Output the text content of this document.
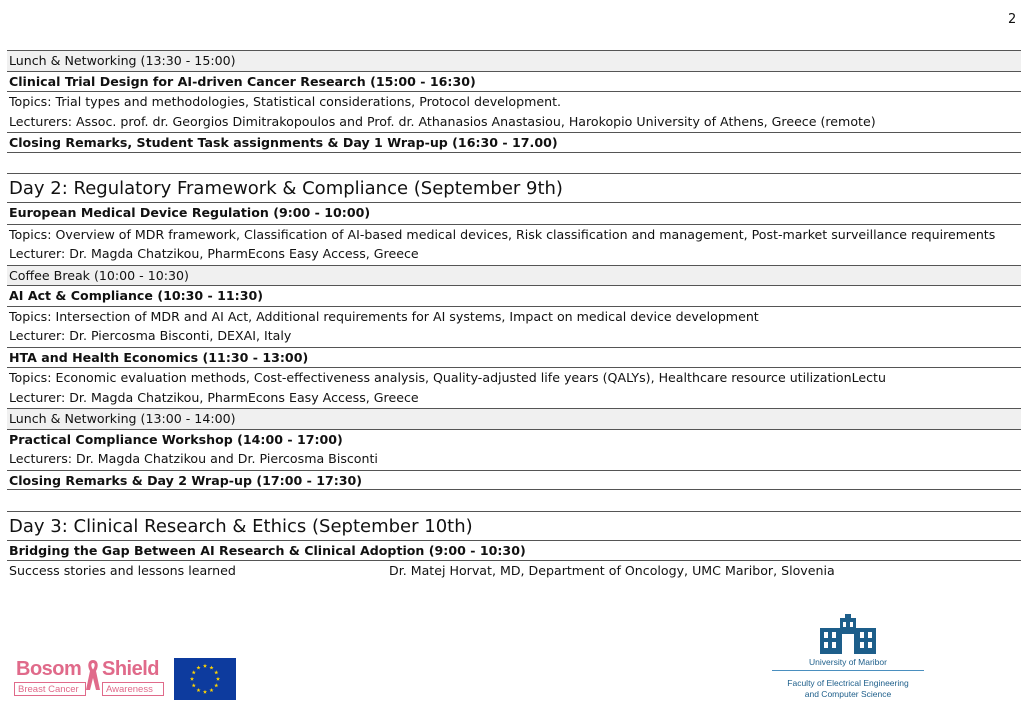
2
Lunch & Networking (13:30 - 15:00)
Clinical Trial Design for AI-driven Cancer Research (15:00 - 16:30)
Topics: Trial types and methodologies, Statistical considerations, Protocol development.
Lecturers: Assoc. prof. dr. Georgios Dimitrakopoulos and Prof. dr. Athanasios Anastasiou, Harokopio University of Athens, Greece (remote)
Closing Remarks, Student Task assignments & Day 1 Wrap-up (16:30 - 17.00)
Day 2: Regulatory Framework & Compliance (September 9th)
European Medical Device Regulation (9:00 - 10:00)
Topics: Overview of MDR framework, Classification of AI-based medical devices, Risk classification and management, Post-market surveillance requirements
Lecturer: Dr. Magda Chatzikou, PharmEcons Easy Access, Greece
Coffee Break (10:00 - 10:30)
AI Act & Compliance (10:30 - 11:30)
Topics: Intersection of MDR and AI Act, Additional requirements for AI systems, Impact on medical device development
Lecturer: Dr. Piercosma Bisconti, DEXAI, Italy
HTA and Health Economics (11:30 - 13:00)
Topics: Economic evaluation methods, Cost-effectiveness analysis, Quality-adjusted life years (QALYs), Healthcare resource utilizationLectu
Lecturer: Dr. Magda Chatzikou, PharmEcons Easy Access, Greece
Lunch & Networking (13:00 - 14:00)
Practical Compliance Workshop (14:00 - 17:00)
Lecturers: Dr. Magda Chatzikou and Dr. Piercosma Bisconti
Closing Remarks & Day 2 Wrap-up (17:00 - 17:30)
Day 3: Clinical Research & Ethics (September 10th)
Bridging the Gap Between AI Research & Clinical Adoption (9:00 - 10:30)
Success stories and lessons learned	Dr. Matej Horvat, MD, Department of Oncology, UMC Maribor, Slovenia
Bosom Shield
Breast Cancer	Awareness
University of Maribor
Faculty of Electrical Engineering
and Computer Science
